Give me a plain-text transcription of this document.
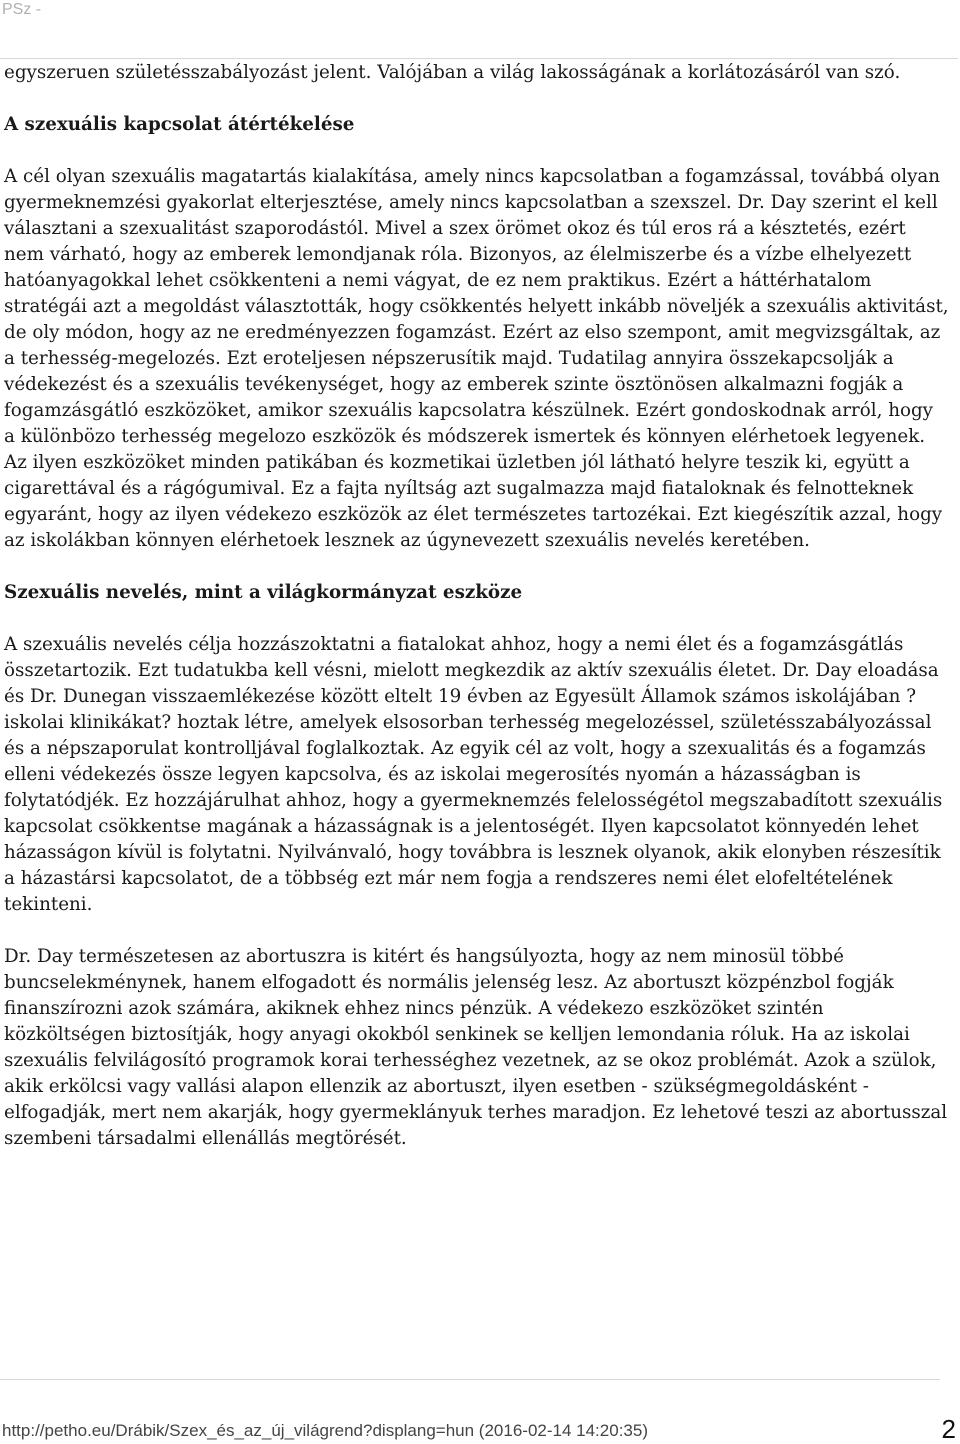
PSz -

egyszeruen születésszabályozást jelent. Valójában a világ lakosságának a korlátozásáról van szó.

A szexuális kapcsolat átértékelése

A cél olyan szexuális magatartás kialakítása, amely nincs kapcsolatban a fogamzással, továbbá olyan gyermeknemzési gyakorlat elterjesztése, amely nincs kapcsolatban a szexszel. Dr. Day szerint el kell választani a szexualitást szaporodástól. Mivel a szex örömet okoz és túl eros rá a késztetés, ezért nem várható, hogy az emberek lemondjanak róla. Bizonyos, az élelmiszerbe és a vízbe elhelyezett hatóanyagokkal lehet csökkenteni a nemi vágyat, de ez nem praktikus. Ezért a háttérhatalom stratégái azt a megoldást választották, hogy csökkentés helyett inkább növeljék a szexuális aktivitást, de oly módon, hogy az ne eredményezzen fogamzást. Ezért az elso szempont, amit megvizsgáltak, az a terhesség-megelozés. Ezt eroteljesen népszerusítik majd. Tudatilag annyira összekapcsolják a védekezést és a szexuális tevékenységet, hogy az emberek szinte ösztönösen alkalmazni fogják a fogamzásgátló eszközöket, amikor szexuális kapcsolatra készülnek. Ezért gondoskodnak arról, hogy a különbözo terhesség megelozo eszközök és módszerek ismertek és könnyen elérhetoek legyenek. Az ilyen eszközöket minden patikában és kozmetikai üzletben jól látható helyre teszik ki, együtt a cigarettával és a rágógumival. Ez a fajta nyíltság azt sugalmazza majd fiataloknak és felnotteknek egyaránt, hogy az ilyen védekezo eszközök az élet természetes tartozékai. Ezt kiegészítik azzal, hogy az iskolákban könnyen elérhetoek lesznek az úgynevezett szexuális nevelés keretében.

Szexuális nevelés, mint a világkormányzat eszköze

A szexuális nevelés célja hozzászoktatni a fiatalokat ahhoz, hogy a nemi élet és a fogamzásgátlás összetartozik. Ezt tudatukba kell vésni, mielott megkezdik az aktív szexuális életet. Dr. Day eloadása és Dr. Dunegan visszaemlékezése között eltelt 19 évben az Egyesült Államok számos iskolájában ?iskolai klinikákat? hoztak létre, amelyek elsosorban terhesség megelozéssel, születésszabályozással és a népszaporulat kontrolljával foglalkoztak. Az egyik cél az volt, hogy a szexualitás és a fogamzás elleni védekezés össze legyen kapcsolva, és az iskolai megerosítés nyomán a házasságban is folytatódjék. Ez hozzájárulhat ahhoz, hogy a gyermeknemzés felelosségétol megszabadított szexuális kapcsolat csökkentse magának a házasságnak is a jelentoségét. Ilyen kapcsolatot könnyedén lehet házasságon kívül is folytatni. Nyilvánvaló, hogy továbbra is lesznek olyanok, akik elonyben részesítik a házastársi kapcsolatot, de a többség ezt már nem fogja a rendszeres nemi élet elofeltételének tekinteni.

Dr. Day természetesen az abortuszra is kitért és hangsúlyozta, hogy az nem minosül többé buncselekménynek, hanem elfogadott és normális jelenség lesz. Az abortuszt közpénzbol fogják finanszírozni azok számára, akiknek ehhez nincs pénzük. A védekezo eszközöket szintén közköltségen biztosítják, hogy anyagi okokból senkinek se kelljen lemondania róluk. Ha az iskolai szexuális felvilágosító programok korai terhességhez vezetnek, az se okoz problémát. Azok a szülok, akik erkölcsi vagy vallási alapon ellenzik az abortuszt, ilyen esetben - szükségmegoldásként - elfogadják, mert nem akarják, hogy gyermeklányuk terhes maradjon. Ez lehetové teszi az abortusszal szembeni társadalmi ellenállás megtörését.

http://petho.eu/Drábik/Szex_és_az_új_világrend?displang=hun (2016-02-14 14:20:35)	2
